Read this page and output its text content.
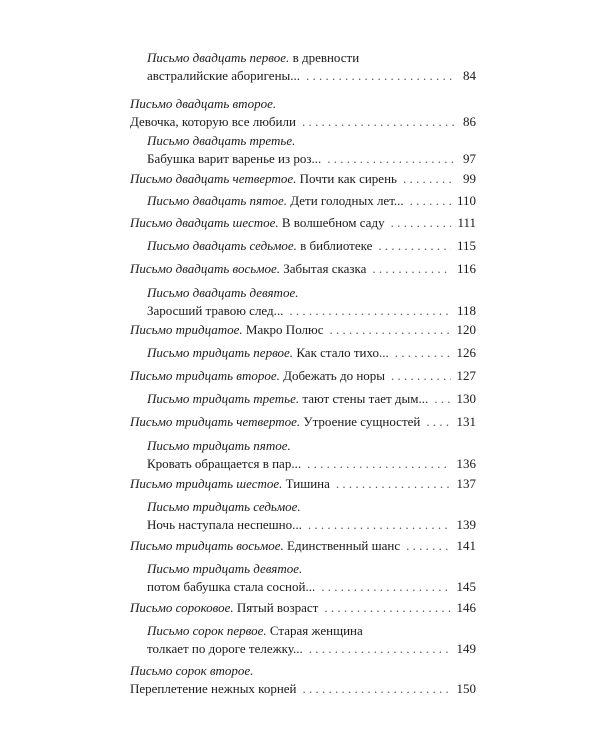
Письмо двадцать первое. в древности
австралийские аборигены... . . .	84
Письмо двадцать второе.
Девочка, которую все любили . . .	86
Письмо двадцать третье.
Бабушка варит варенье из роз... . . .	97
Письмо двадцать четвертое. Почти как сирень . . .	99
Письмо двадцать пятое. Дети голодных лет... . . .	110
Письмо двадцать шестое. В волшебном саду . . .	111
Письмо двадцать седьмое. в библиотеке . . .	115
Письмо двадцать восьмое. Забытая сказка . . .	116
Письмо двадцать девятое.
Заросший травою след... . . .	118
Письмо тридцатое. Макро Полюс . . .	120
Письмо тридцать первое. Как стало тихо... . . .	126
Письмо тридцать второе. Добежать до норы . . .	127
Письмо тридцать третье. тают стены тает дым... . . . 130
Письмо тридцать четвертое. Утроение сущностей . . .	131
Письмо тридцать пятое.
Кровать обращается в пар... . . .	136
Письмо тридцать шестое. Тишина . . .	137
Письмо тридцать седьмое.
Ночь наступала неспешно... . . .	139
Письмо тридцать восьмое. Единственный шанс . . .	141
Письмо тридцать девятое.
потом бабушка стала сосной... . . .	145
Письмо сороковое. Пятый возраст . . .	146
Письмо сорок первое. Старая женщина
толкает по дороге тележку... . . .	149
Письмо сорок второе.
Переплетение нежных корней . . .	150
